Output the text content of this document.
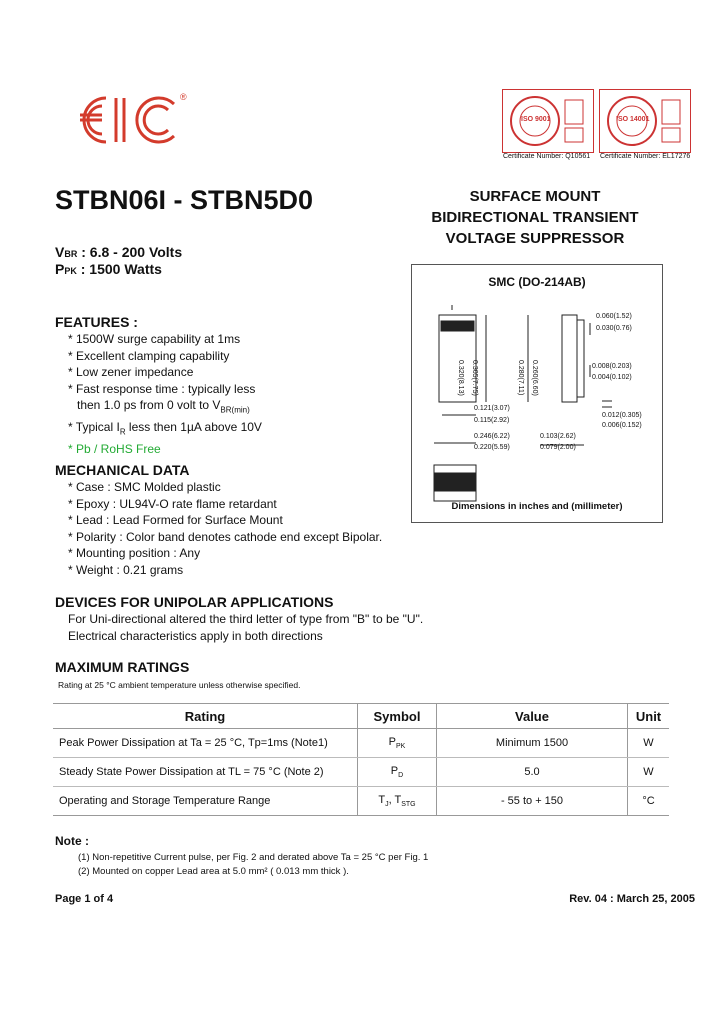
®
ISO 9001	ISO 14001
Certificate Number: Q10561 Certificate Number: EL17276
STBN06I - STBN5D0	SURFACE MOUNT
BIDIRECTIONAL TRANSIENT
VOLTAGE SUPPRESSOR
VBR : 6.8 - 200 Volts
PPK : 1500 Watts
FEATURES :
* 1500W surge capability at 1ms
* Excellent clamping capability
* Low zener impedance
* Fast response time : typically less
then 1.0 ps from 0 volt to $V_{BR(min)}$
* Typical $I_R$ less then 1µA above 10V
* Pb / RoHS Free
MECHANICAL DATA
* Case : SMC Molded plastic
* Epoxy : UL94V-O rate flame retardant
* Lead : Lead Formed for Surface Mount
* Polarity : Color band denotes cathode end except Bipolar.
* Mounting position : Any
* Weight : 0.21 grams
DEVICES FOR UNIPOLAR APPLICATIONS
For Uni-directional altered the third letter of type from "B" to be "U".
Electrical characteristics apply in both directions
SMC (DO-214AB)
0.060(1.52)
0.030(0.76)
0.008(0.203)
0.004(0.102)
0.012(0.305)
0.006(0.152)
0.121(3.07)
0.115(2.92)
0.246(6.22)
0.220(5.59)
0.103(2.62)
0.079(2.00)
0.320(8.13) 0.305(7.75)	0.280(7.11) 0.260(6.60)
Dimensions in inches and (millimeter)
MAXIMUM RATINGS
Rating at 25 °C ambient temperature unless otherwise specified.
Rating	Symbol	Value	Unit
Peak Power Dissipation at Ta = 25 °C, Tp=1ms (Note1)	$P_{PK}$	Minimum 1500	W
Steady State Power Dissipation at TL = 75 °C (Note 2)	$P_D$	5.0	W
Operating and Storage Temperature Range	$T_J$, $T_{STG}$	- 55 to + 150	°C
Note :
(1) Non-repetitive Current pulse, per Fig. 2 and derated above Ta = 25 °C per Fig. 1
(2) Mounted on copper Lead area at 5.0 mm² ( 0.013 mm thick ).
Page 1 of 4	Rev. 04 : March 25, 2005
